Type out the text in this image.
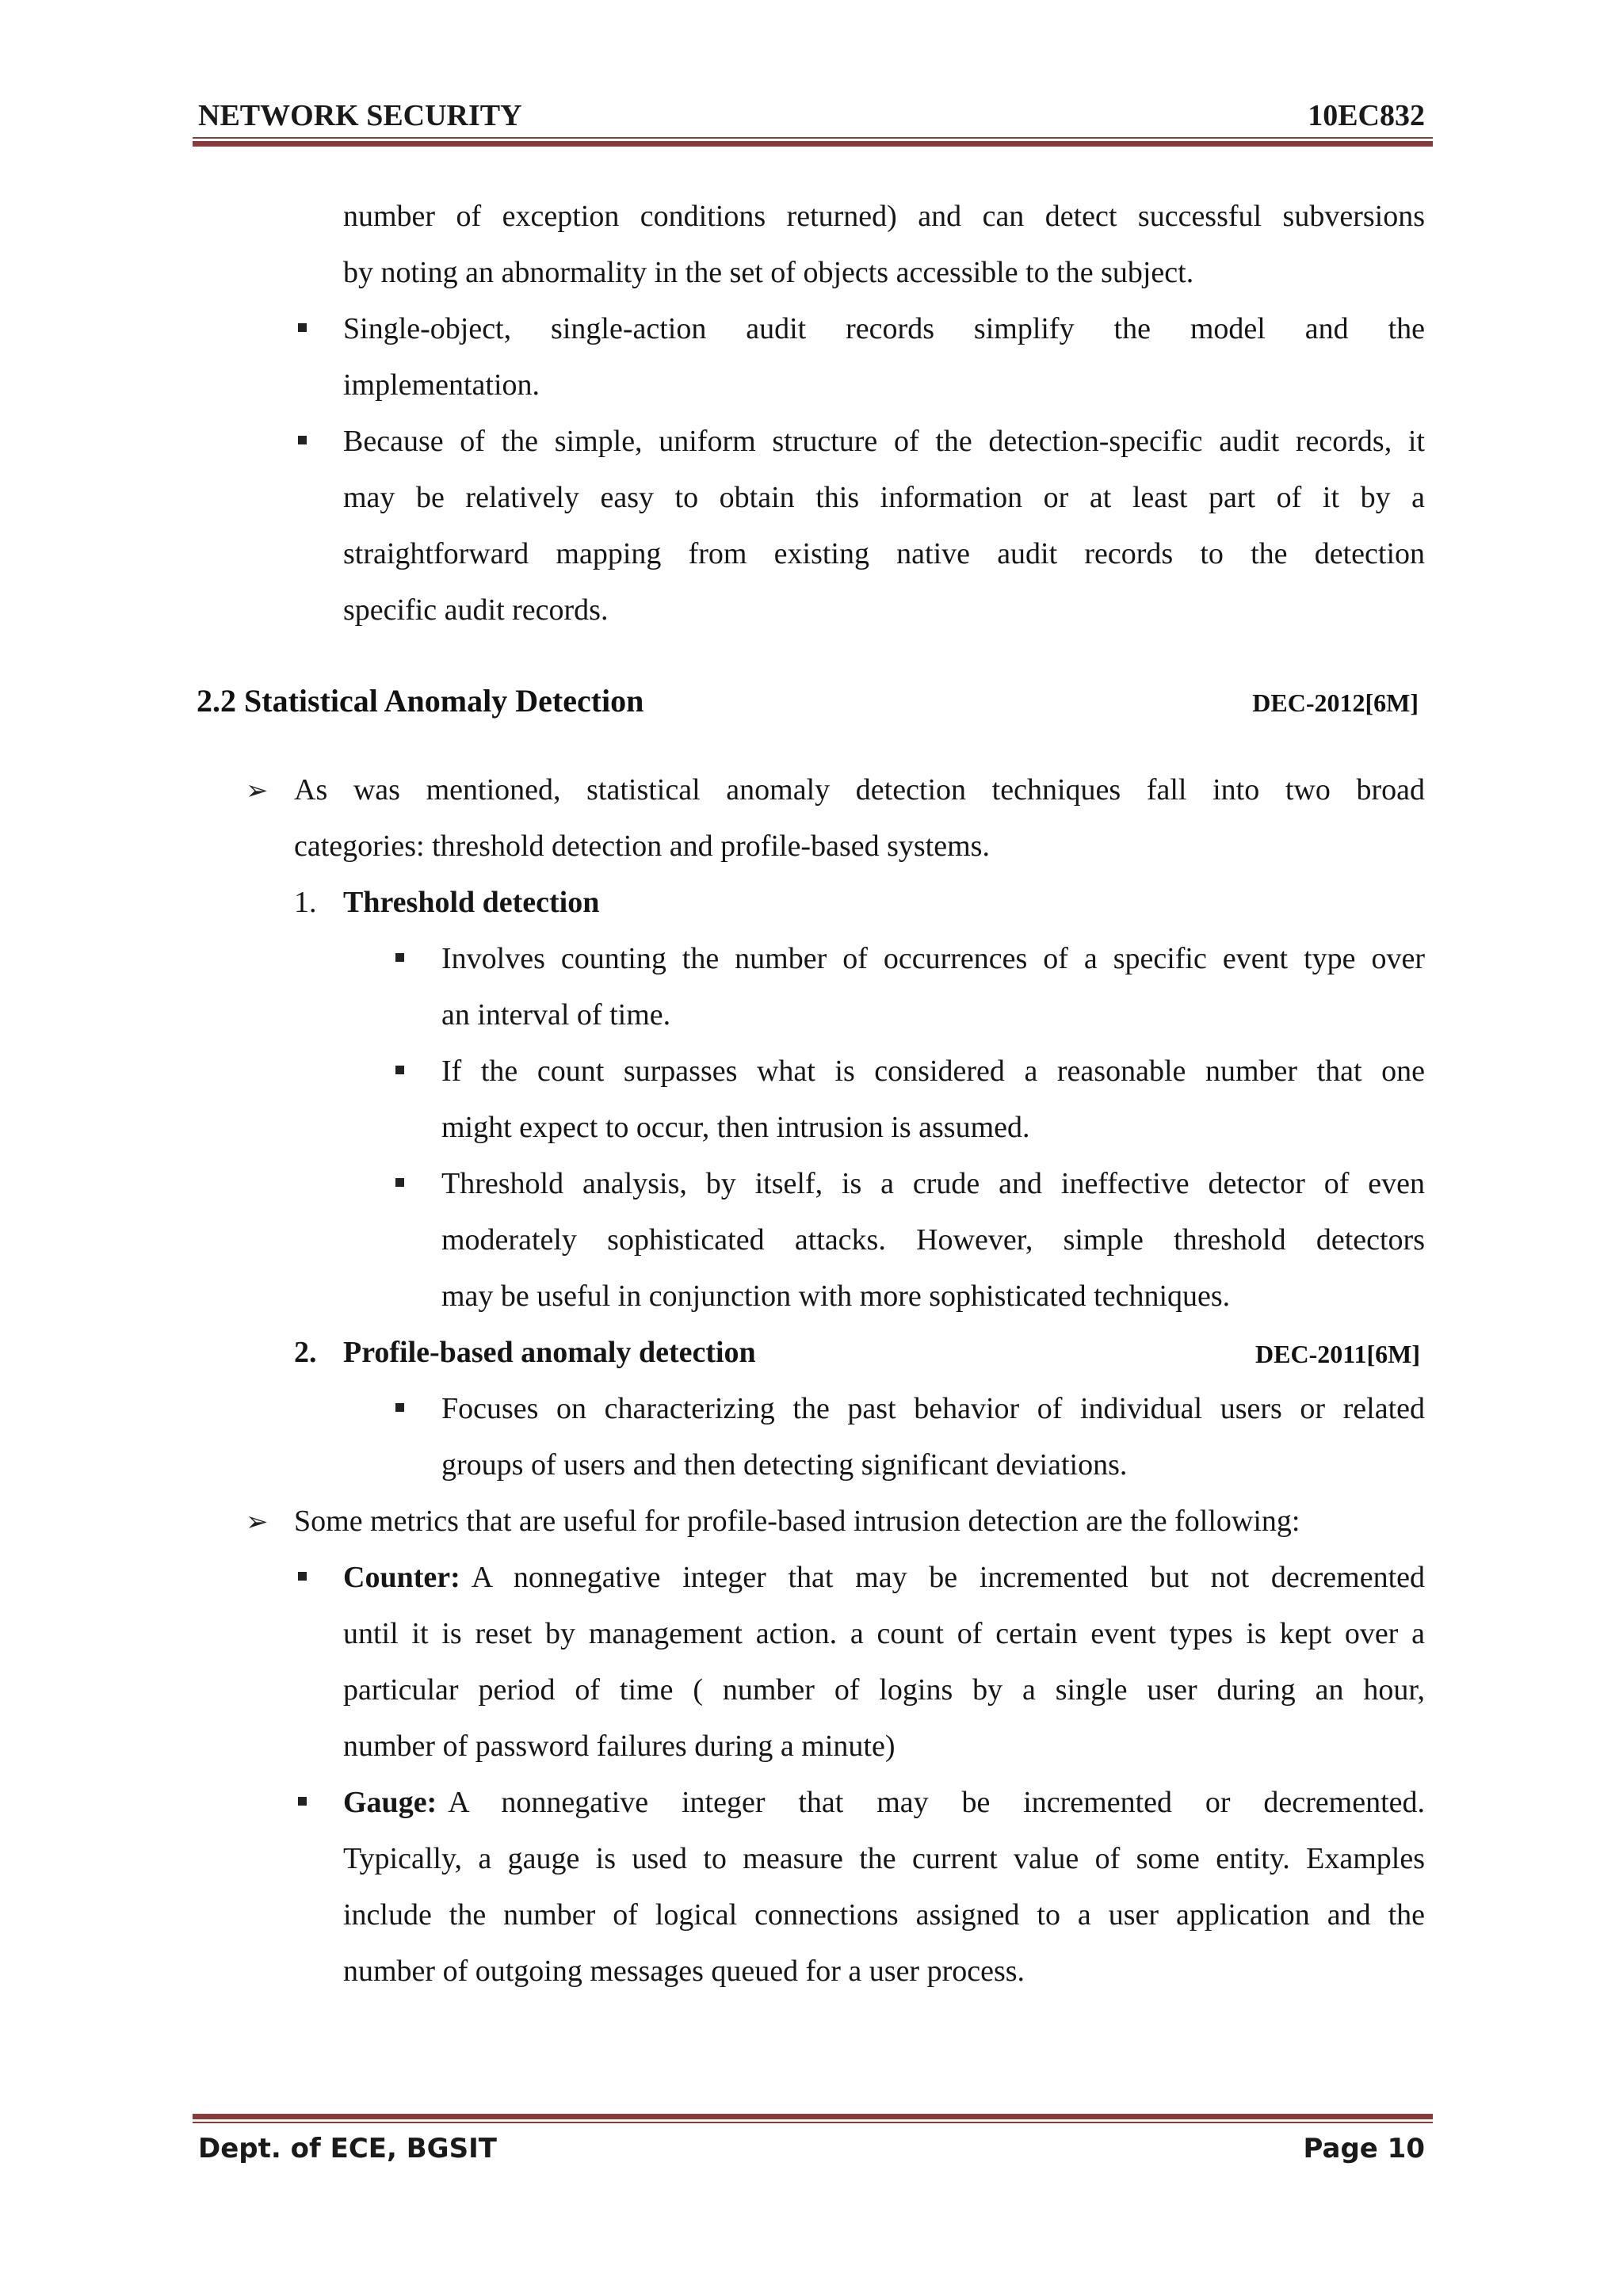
NETWORK SECURITY	10EC832
number of exception conditions returned) and can detect successful subversions
by noting an abnormality in the set of objects accessible to the subject.
Single-object, single-action audit records simplify the model and the
implementation.
Because of the simple, uniform structure of the detection-specific audit records, it
may be relatively easy to obtain this information or at least part of it by a
straightforward mapping from existing native audit records to the detection
specific audit records.
2.2 Statistical Anomaly Detection	DEC-2012[6M]
➢ As was mentioned, statistical anomaly detection techniques fall into two broad
categories: threshold detection and profile-based systems.
1. Threshold detection
Involves counting the number of occurrences of a specific event type over
an interval of time.
If the count surpasses what is considered a reasonable number that one
might expect to occur, then intrusion is assumed.
Threshold analysis, by itself, is a crude and ineffective detector of even
moderately sophisticated attacks. However, simple threshold detectors
may be useful in conjunction with more sophisticated techniques.
2. Profile-based anomaly detection	DEC-2011[6M]
Focuses on characterizing the past behavior of individual users or related
groups of users and then detecting significant deviations.
➢ Some metrics that are useful for profile-based intrusion detection are the following:
Counter: A nonnegative integer that may be incremented but not decremented
until it is reset by management action. a count of certain event types is kept over a
particular period of time ( number of logins by a single user during an hour,
number of password failures during a minute)
Gauge: A nonnegative integer that may be incremented or decremented.
Typically, a gauge is used to measure the current value of some entity. Examples
include the number of logical connections assigned to a user application and the
number of outgoing messages queued for a user process.
Dept. of ECE, BGSIT	Page 10
